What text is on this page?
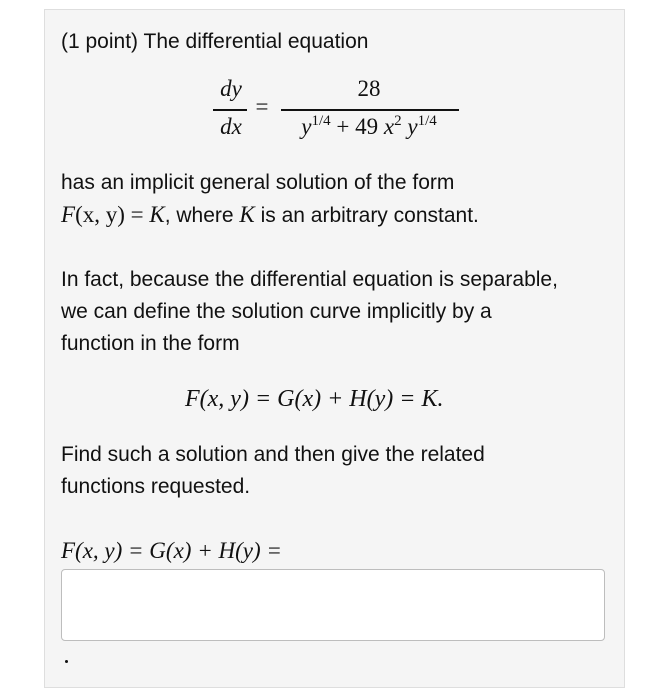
(1 point) The differential equation
dy
dx
=
28
$y^{1/4} + 49$ $x^2$ $y^{1/4}$
has an implicit general solution of the form
F(x, y) = K, where K is an arbitrary constant.
In fact, because the differential equation is separable,
we can define the solution curve implicitly by a
function in the form
F(x, y) = G(x) + H(y) = K.
Find such a solution and then give the related
functions requested.
F(x, y) = G(x) + H(y) =
